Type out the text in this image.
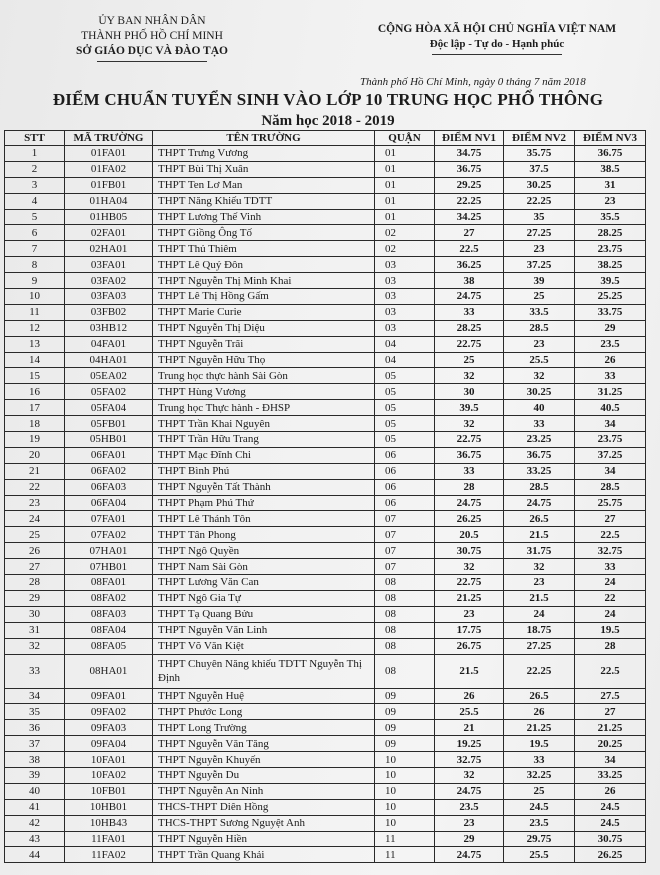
ỦY BAN NHÂN DÂN
THÀNH PHỐ HỒ CHÍ MINH
SỞ GIÁO DỤC VÀ ĐÀO TẠO
CỘNG HÒA XÃ HỘI CHỦ NGHĨA VIỆT NAM
Độc lập - Tự do - Hạnh phúc
Thành phố Hồ Chí Minh, ngày 0 tháng 7 năm 2018
ĐIỂM CHUẨN TUYỂN SINH VÀO LỚP 10 TRUNG HỌC PHỔ THÔNG
Năm học 2018 - 2019
STT	MÃ TRƯỜNG	TÊN TRƯỜNG	QUẬN	ĐIỂM NV1	ĐIỂM NV2	ĐIỂM NV3
1	01FA01	THPT Trưng Vương	01	34.75	35.75	36.75
2	01FA02	THPT Bùi Thị Xuân	01	36.75	37.5	38.5
3	01FB01	THPT Ten Lơ Man	01	29.25	30.25	31
4	01HA04	THPT Năng Khiếu TDTT	01	22.25	22.25	23
5	01HB05	THPT Lương Thế Vinh	01	34.25	35	35.5
6	02FA01	THPT Giồng Ông Tố	02	27	27.25	28.25
7	02HA01	THPT Thủ Thiêm	02	22.5	23	23.75
8	03FA01	THPT Lê Quý Đôn	03	36.25	37.25	38.25
9	03FA02	THPT Nguyễn Thị Minh Khai	03	38	39	39.5
10	03FA03	THPT Lê Thị Hồng Gấm	03	24.75	25	25.25
11	03FB02	THPT Marie Curie	03	33	33.5	33.75
12	03HB12	THPT Nguyễn Thị Diệu	03	28.25	28.5	29
13	04FA01	THPT Nguyễn Trãi	04	22.75	23	23.5
14	04HA01	THPT Nguyễn Hữu Thọ	04	25	25.5	26
15	05EA02	Trung học thực hành Sài Gòn	05	32	32	33
16	05FA02	THPT Hùng Vương	05	30	30.25	31.25
17	05FA04	Trung học Thực hành - ĐHSP	05	39.5	40	40.5
18	05FB01	THPT Trần Khai Nguyên	05	32	33	34
19	05HB01	THPT Trần Hữu Trang	05	22.75	23.25	23.75
20	06FA01	THPT Mạc Đĩnh Chi	06	36.75	36.75	37.25
21	06FA02	THPT Bình Phú	06	33	33.25	34
22	06FA03	THPT Nguyễn Tất Thành	06	28	28.5	28.5
23	06FA04	THPT Phạm Phú Thứ	06	24.75	24.75	25.75
24	07FA01	THPT Lê Thánh Tôn	07	26.25	26.5	27
25	07FA02	THPT Tân Phong	07	20.5	21.5	22.5
26	07HA01	THPT Ngô Quyền	07	30.75	31.75	32.75
27	07HB01	THPT Nam Sài Gòn	07	32	32	33
28	08FA01	THPT Lương Văn Can	08	22.75	23	24
29	08FA02	THPT Ngô Gia Tự	08	21.25	21.5	22
30	08FA03	THPT Tạ Quang Bửu	08	23	24	24
31	08FA04	THPT Nguyễn Văn Linh	08	17.75	18.75	19.5
32	08FA05	THPT Võ Văn Kiệt	08	26.75	27.25	28
33	08HA01	THPT Chuyên Năng khiếu TDTT Nguyễn Thị Định	08	21.5	22.25	22.5
34	09FA01	THPT Nguyễn Huệ	09	26	26.5	27.5
35	09FA02	THPT Phước Long	09	25.5	26	27
36	09FA03	THPT Long Trường	09	21	21.25	21.25
37	09FA04	THPT Nguyễn Văn Tăng	09	19.25	19.5	20.25
38	10FA01	THPT Nguyễn Khuyến	10	32.75	33	34
39	10FA02	THPT Nguyễn Du	10	32	32.25	33.25
40	10FB01	THPT Nguyễn An Ninh	10	24.75	25	26
41	10HB01	THCS-THPT Diên Hồng	10	23.5	24.5	24.5
42	10HB43	THCS-THPT Sương Nguyệt Anh	10	23	23.5	24.5
43	11FA01	THPT Nguyễn Hiền	11	29	29.75	30.75
44	11FA02	THPT Trần Quang Khải	11	24.75	25.5	26.25
